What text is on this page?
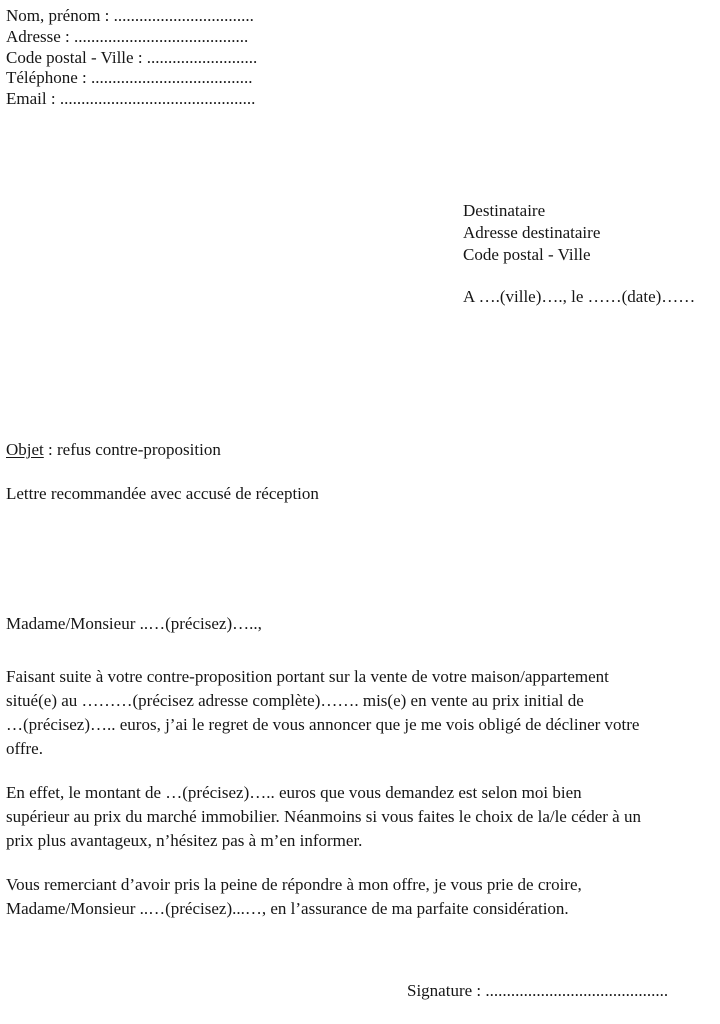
Nom, prénom : .................................
Adresse : .........................................
Code postal - Ville : ..........................
Téléphone : ......................................
Email : ..............................................
Destinataire
Adresse destinataire
Code postal - Ville
A ….(ville)…., le ……(date)……
Objet : refus contre-proposition
Lettre recommandée avec accusé de réception
Madame/Monsieur ..…(précisez)…..,
Faisant suite à votre contre-proposition portant sur la vente de votre maison/appartement
situé(e) au ………(précisez adresse complète)……. mis(e) en vente au prix initial de
…(précisez)….. euros, j’ai le regret de vous annoncer que je me vois obligé de décliner votre
offre.
En effet, le montant de …(précisez)….. euros que vous demandez est selon moi bien
supérieur au prix du marché immobilier. Néanmoins si vous faites le choix de la/le céder à un
prix plus avantageux, n’hésitez pas à m’en informer.
Vous remerciant d’avoir pris la peine de répondre à mon offre, je vous prie de croire,
Madame/Monsieur ..…(précisez)...…, en l’assurance de ma parfaite considération.
Signature : ...........................................
